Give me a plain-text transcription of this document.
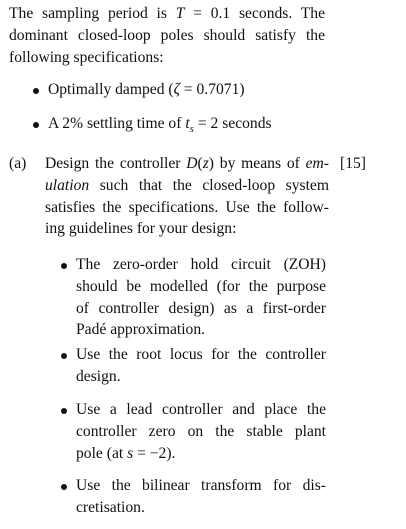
The sampling period is T = 0.1 seconds. The
dominant closed-loop poles should satisfy the
following specifications:
Optimally damped (ζ = 0.7071)
A 2% settling time of $t_s = 2$ seconds
(a) Design the controller D(z) by means of em-
ulation such that the closed-loop system
satisfies the specifications. Use the follow-
ing guidelines for your design:
[15]
The zero-order hold circuit (ZOH)
should be modelled (for the purpose
of controller design) as a first-order
Padé approximation.
Use the root locus for the controller
design.
Use a lead controller and place the
controller zero on the stable plant
pole (at s = −2).
Use the bilinear transform for dis-
cretisation.
